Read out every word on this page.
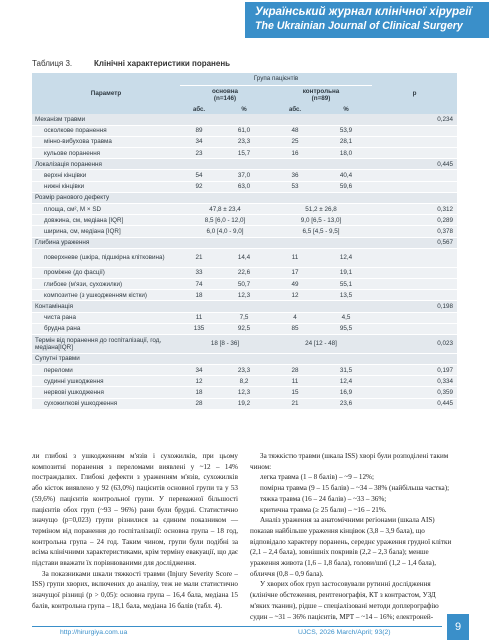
Український журнал клінічної хірургії
The Ukrainian Journal of Clinical Surgery
Таблиця 3.	Клінічні характеристики поранень
Параметр	Група пацієнтів				p
	основна
(n=146)		контрольна
(n=89)		
	абс.	%	абс.	%	
Механізм травми					0,234
осколкове поранення	89	61,0	48	53,9	
мінно-вибухова травма	34	23,3	25	28,1	
кульове поранення	23	15,7	16	18,0	
Локалізація поранення					0,445
верхні кінцівки	54	37,0	36	40,4	
нижні кінцівки	92	63,0	53	59,6	
Розмір ранового дефекту					
площа, см², M × SD	47,8 ± 23,4		51,2 ± 26,8		0,312
довжина, см, медіана [IQR]	8,5 [6,0 - 12,0]		9,0 [6,5 - 13,0]		0,289
ширина, см, медіана [IQR]	6,0 [4,0 - 9,0]		6,5 [4,5 - 9,5]		0,378
Глибина ураження					0,567
поверхневе (шкіра, підшкірна клітковина)	21	14,4	11	12,4	
проміжне (до фасції)	33	22,6	17	19,1	
глибоке (м'язи, сухожилки)	74	50,7	49	55,1	
композитне (з ушкодженням кістки)	18	12,3	12	13,5	
Контамінація					0,198
чиста рана	11	7,5	4	4,5	
брудна рана	135	92,5	85	95,5	
Термін від поранення до госпіталізації, год, медіана[IQR]	18 [8 - 36]		24 [12 - 48]		0,023
Супутні травми					
переломи	34	23,3	28	31,5	0,197
судинні ушкодження	12	8,2	11	12,4	0,334
нервові ушкодження	18	12,3	15	16,9	0,359
сухожилкові ушкодження	28	19,2	21	23,6	0,445

ли глибокі з ушкодженням м'язів і сухожилків, при цьому композитні поранення з переломами виявлені у ~12 – 14% постраждалих. Глибокі дефекти з ураженням м'язів, сухожилків або кісток виявлено у 92 (63,0%) пацієнтів основної групи та у 53 (59,6%) пацієнтів контрольної групи. У переважної більшості пацієнтів обох груп (~93 – 96%) рани були брудні. Статистично значущо (p=0,023) групи різнилися за єдиним показником — терміном від поранення до госпіталізації: основна група – 18 год, контрольна група – 24 год. Таким чином, групи були подібні за всіма клінічними характеристиками, крім терміну евакуації, що дає підстави вважати їх порівнюваними для дослідження.

За показниками шкали тяжкості травми (Injury Severity Score – ISS) групи хворих, включених до аналізу, теж не мали статистично значущої різниці (p > 0,05): основна група – 16,4 бала, медіана 15 балів, контрольна група – 18,1 бала, медіана 16 балів (табл. 4).

За тяжкістю травми (шкала ISS) хворі були розподілені таким чином:

легка травма (1 – 8 балів) – ~9 – 12%;

помірна травма (9 – 15 балів) – ~34 – 38% (найбільша частка);

тяжка травма (16 – 24 балів) – ~33 – 36%;

критична травма (≥ 25 бали) – ~16 – 21%.

Аналіз ураження за анатомічними регіонами (шкала AIS) показав найбільше ураження кінцівок (3,8 – 3,9 бала), що відповідало характеру поранень, середнє ураження грудної клітки (2,1 – 2,4 бала), зовнішніх покривів (2,2 – 2,3 бала); менше ураження живота (1,6 – 1,8 бала), голови/шиї (1,2 – 1,4 бала), обличчя (0,8 – 0,9 бала).

У хворих обох груп застосовували рутинні дослідження (клінічне обстеження, рентгенографія, КТ з контрастом, УЗД м'яких тканин), рідше – спеціалізовані методи доплерографію судин – ~31 – 36% пацієнтів, МРТ – ~14 – 16%; електроней-

http://hirurgiya.com.ua	UJCS, 2026 March/April; 93(2)	9
